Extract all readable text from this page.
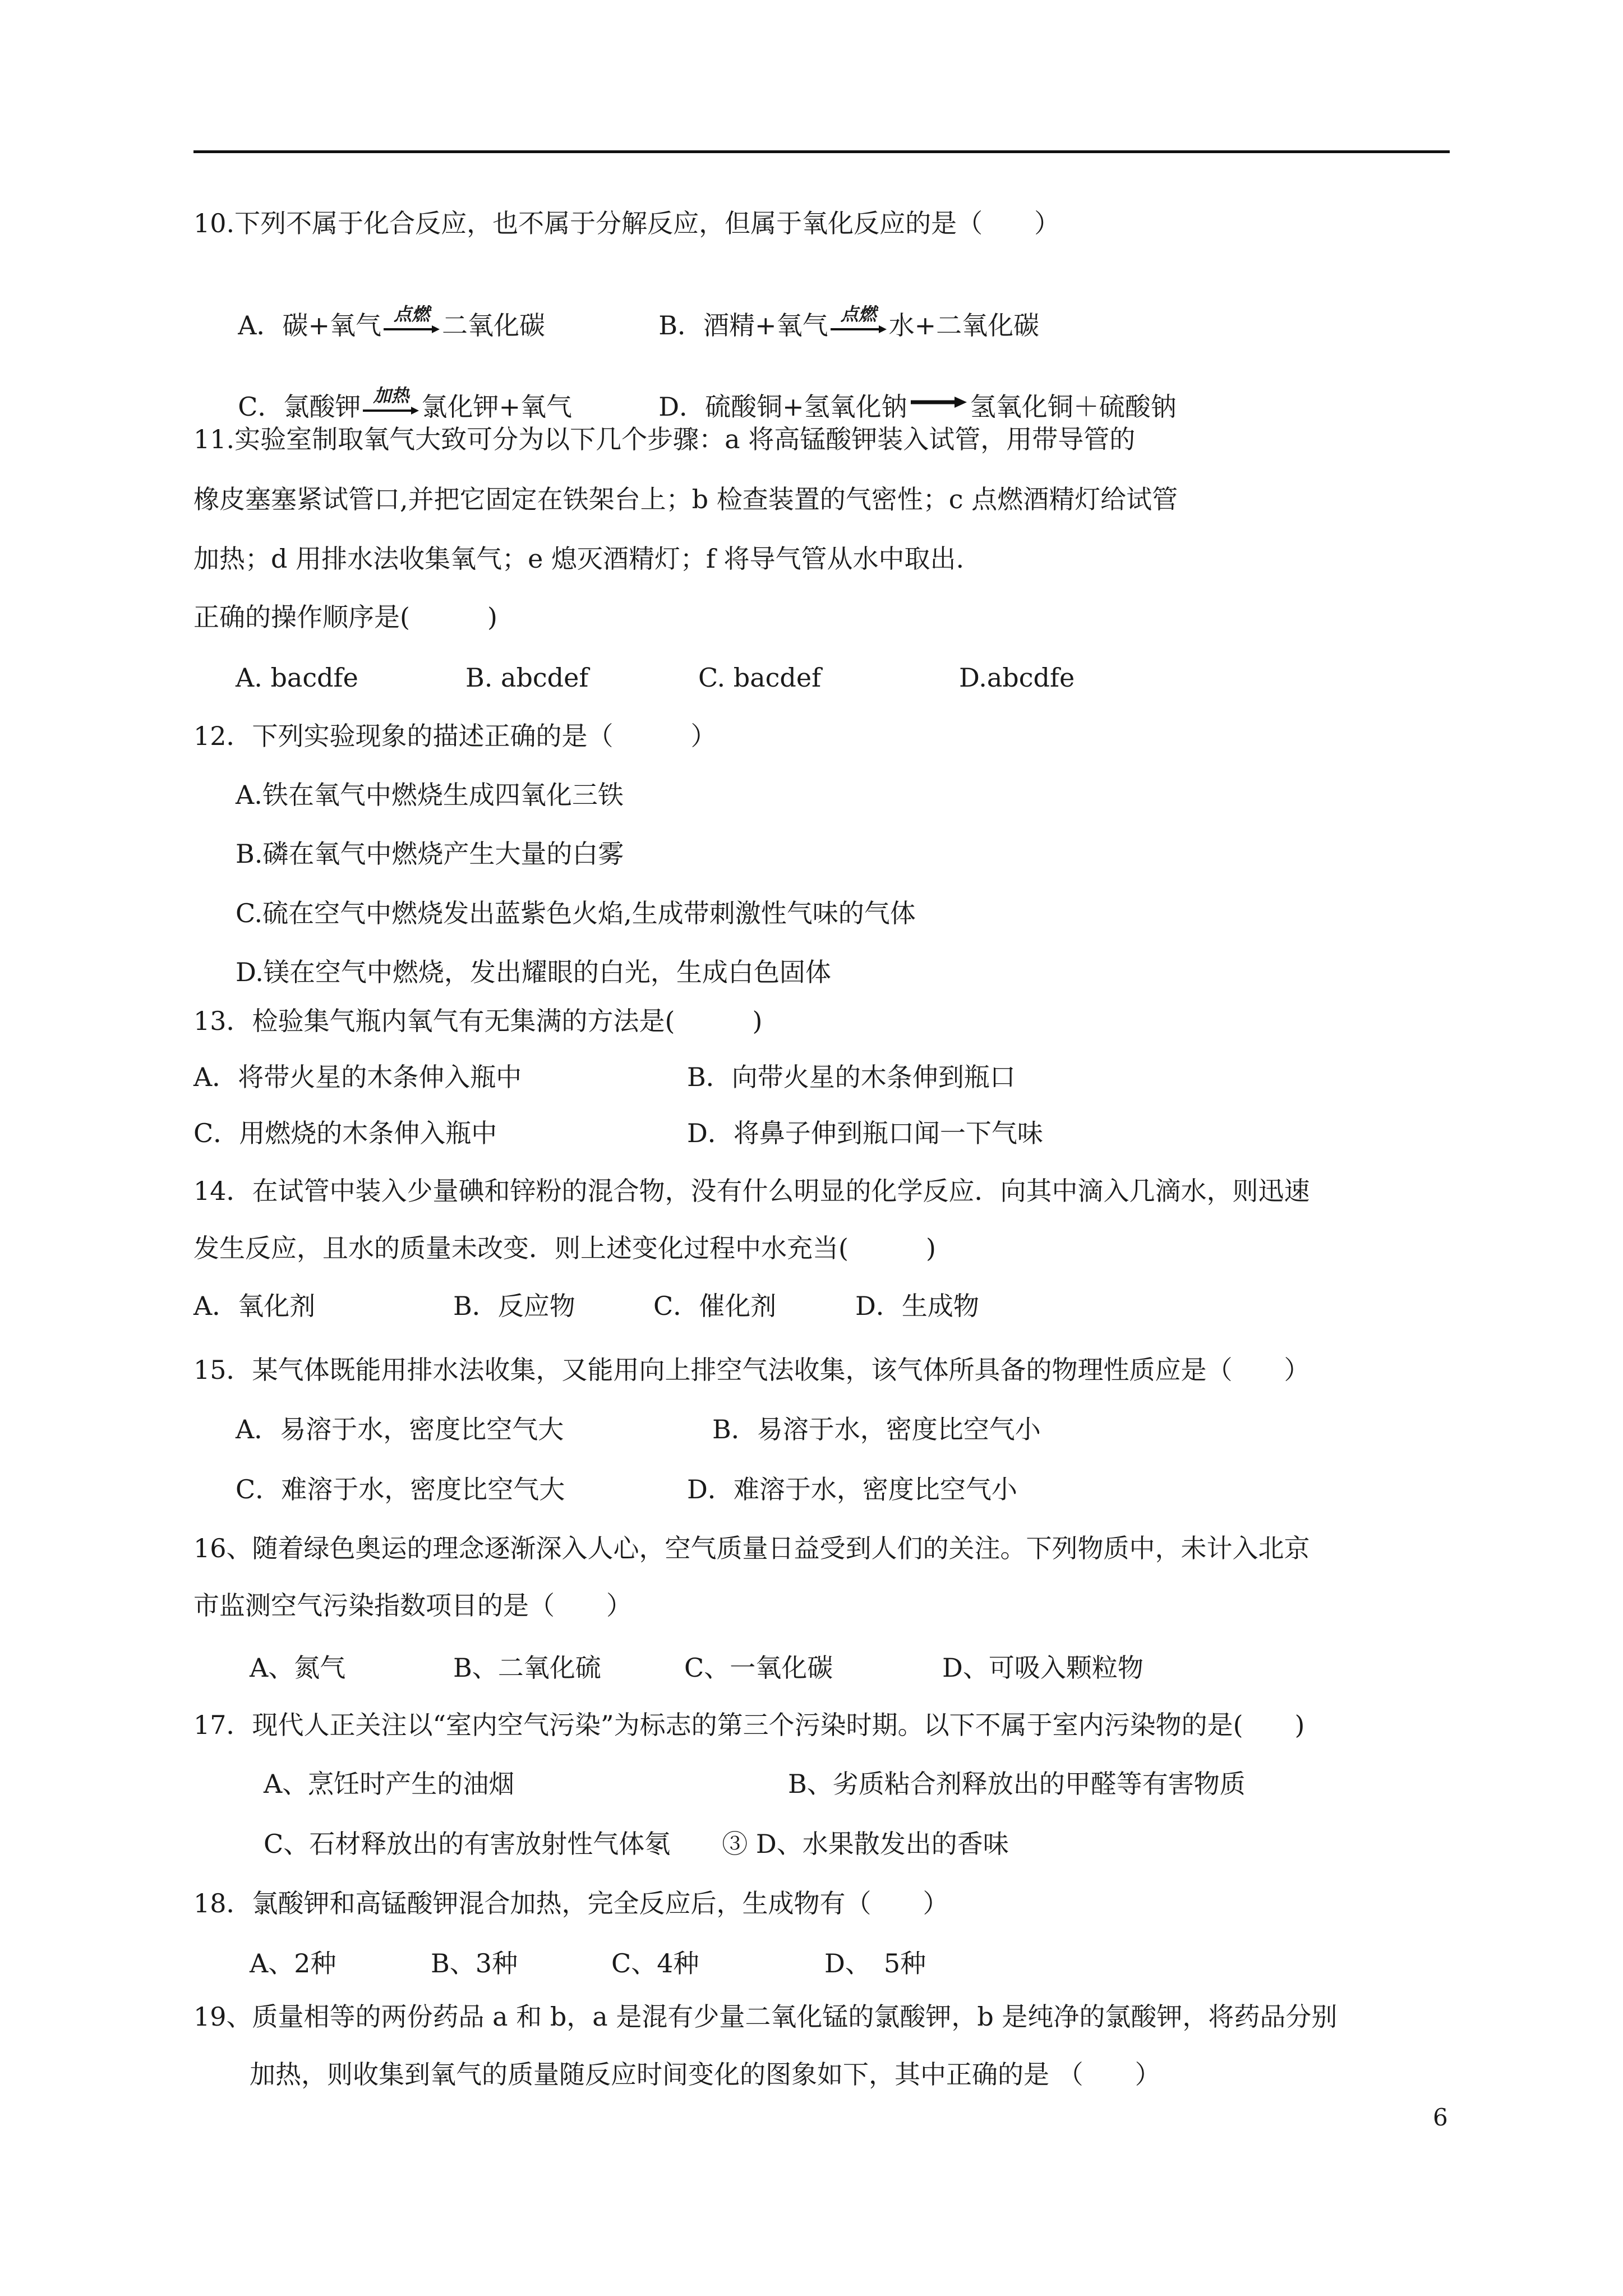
10.下列不属于化合反应，也不属于分解反应，但属于氧化反应的是（　　）

A．碳+氧气 点燃 二氧化碳	B．酒精+氧气 点燃 水+二氧化碳

C．氯酸钾 加热 氯化钾+氧气	D．硫酸铜+氢氧化钠 → 氢氧化铜＋硫酸钠

11.实验室制取氧气大致可分为以下几个步骤：a 将高锰酸钾装入试管，用带导管的
橡皮塞塞紧试管口,并把它固定在铁架台上；b 检查装置的气密性；c 点燃酒精灯给试管
加热；d 用排水法收集氧气；e 熄灭酒精灯；f 将导气管从水中取出.
正确的操作顺序是(　　　)
A. bacdfe	B. abcdef	C. bacdef	D.abcdfe
12．下列实验现象的描述正确的是（　　　）
A.铁在氧气中燃烧生成四氧化三铁
B.磷在氧气中燃烧产生大量的白雾
C.硫在空气中燃烧发出蓝紫色火焰,生成带刺激性气味的气体
D.镁在空气中燃烧，发出耀眼的白光，生成白色固体
13．检验集气瓶内氧气有无集满的方法是(　　　)
A．将带火星的木条伸入瓶中	B．向带火星的木条伸到瓶口
C．用燃烧的木条伸入瓶中	D．将鼻子伸到瓶口闻一下气味
14．在试管中装入少量碘和锌粉的混合物，没有什么明显的化学反应．向其中滴入几滴水，则迅速
发生反应，且水的质量未改变．则上述变化过程中水充当(　　　)
A．氧化剂	B．反应物	C．催化剂	D．生成物
15．某气体既能用排水法收集，又能用向上排空气法收集，该气体所具备的物理性质应是（　　）
A．易溶于水，密度比空气大	B．易溶于水，密度比空气小
C．难溶于水，密度比空气大	D．难溶于水，密度比空气小
16、随着绿色奥运的理念逐渐深入人心，空气质量日益受到人们的关注。下列物质中，未计入北京
市监测空气污染指数项目的是（　　）
A、氮气	B、二氧化硫	C、一氧化碳	D、可吸入颗粒物
17．现代人正关注以“室内空气污染”为标志的第三个污染时期。以下不属于室内污染物的是(　　)
A、烹饪时产生的油烟	B、劣质粘合剂释放出的甲醛等有害物质
C、石材释放出的有害放射性气体氡　　③ D、水果散发出的香味
18．氯酸钾和高锰酸钾混合加热，完全反应后，生成物有（　　）
A、2种	B、3种	C、4种	D、　5种
19、质量相等的两份药品 a 和 b，a 是混有少量二氧化锰的氯酸钾，b 是纯净的氯酸钾，将药品分别
加热，则收集到氧气的质量随反应时间变化的图象如下，其中正确的是 （　　）
6
